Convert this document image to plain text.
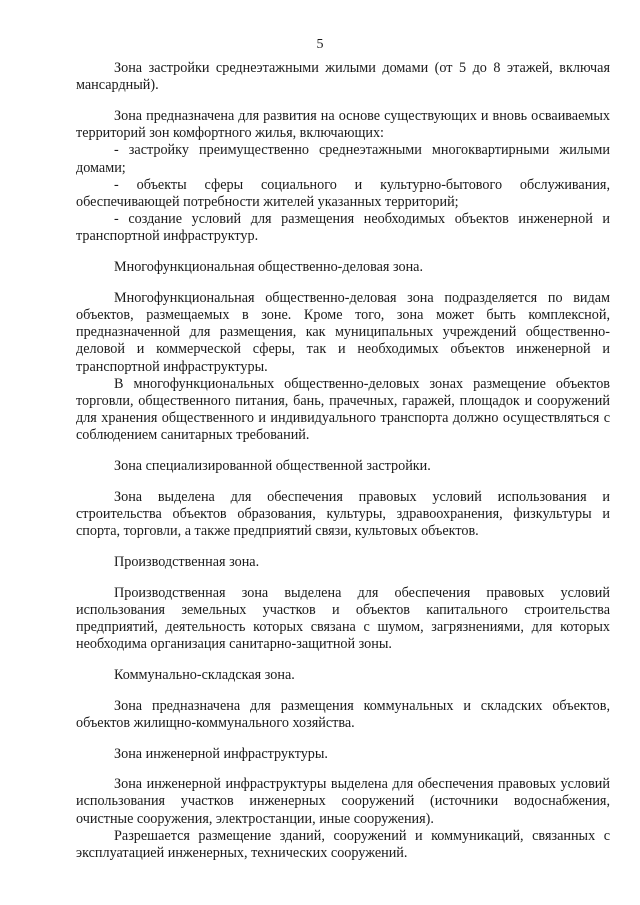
5

Зона застройки среднеэтажными жилыми домами (от 5 до 8 этажей, включая мансардный).

Зона предназначена для развития на основе существующих и вновь осваиваемых территорий зон комфортного жилья, включающих:

- застройку преимущественно среднеэтажными многоквартирными жилыми домами;

- объекты сферы социального и культурно-бытового обслуживания, обеспечивающей потребности жителей указанных территорий;

- создание условий для размещения необходимых объектов инженерной и транспортной инфраструктур.

Многофункциональная общественно-деловая зона.

Многофункциональная общественно-деловая зона подразделяется по видам объектов, размещаемых в зоне. Кроме того, зона может быть комплексной, предназначенной для размещения, как муниципальных учреждений общественно-деловой и коммерческой сферы, так и необходимых объектов инженерной и транспортной инфраструктуры.

В многофункциональных общественно-деловых зонах размещение объектов торговли, общественного питания, бань, прачечных, гаражей, площадок и сооружений для хранения общественного и индивидуального транспорта должно осуществляться с соблюдением санитарных требований.

Зона специализированной общественной застройки.

Зона выделена для обеспечения правовых условий использования и строительства объектов образования, культуры, здравоохранения, физкультуры и спорта, торговли, а также предприятий связи, культовых объектов.

Производственная зона.

Производственная зона выделена для обеспечения правовых условий использования земельных участков и объектов капитального строительства предприятий, деятельность которых связана с шумом, загрязнениями, для которых необходима организация санитарно-защитной зоны.

Коммунально-складская зона.

Зона предназначена для размещения коммунальных и складских объектов, объектов жилищно-коммунального хозяйства.

Зона инженерной инфраструктуры.

Зона инженерной инфраструктуры выделена для обеспечения правовых условий использования участков инженерных сооружений (источники водоснабжения, очистные сооружения, электростанции, иные сооружения).

Разрешается размещение зданий, сооружений и коммуникаций, связанных с эксплуатацией инженерных, технических сооружений.
